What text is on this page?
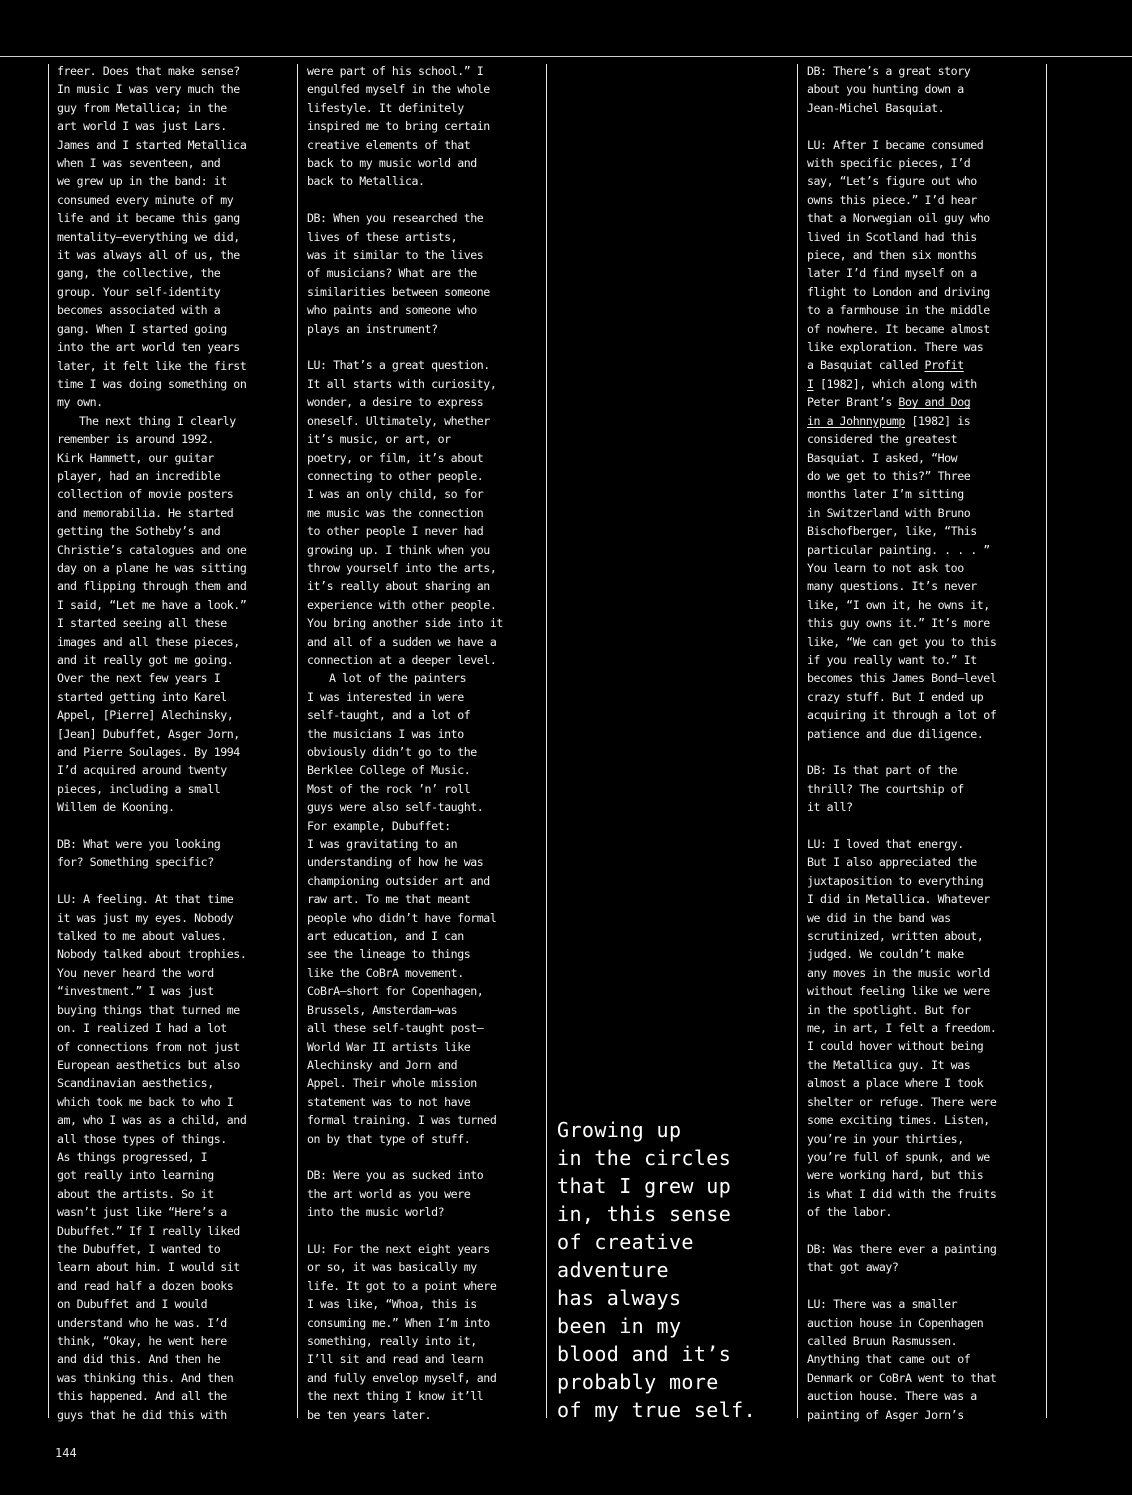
freer. Does that make sense?
In music I was very much the
guy from Metallica; in the
art world I was just Lars.
James and I started Metallica
when I was seventeen, and
we grew up in the band: it
consumed every minute of my
life and it became this gang
mentality—everything we did,
it was always all of us, the
gang, the collective, the
group. Your self-identity
becomes associated with a
gang. When I started going
into the art world ten years
later, it felt like the first
time I was doing something on
my own.

The next thing I clearly
remember is around 1992.
Kirk Hammett, our guitar
player, had an incredible
collection of movie posters
and memorabilia. He started
getting the Sotheby’s and
Christie’s catalogues and one
day on a plane he was sitting
and flipping through them and
I said, “Let me have a look.”
I started seeing all these
images and all these pieces,
and it really got me going.
Over the next few years I
started getting into Karel
Appel, [Pierre] Alechinsky,
[Jean] Dubuffet, Asger Jorn,
and Pierre Soulages. By 1994
I’d acquired around twenty
pieces, including a small
Willem de Kooning.

DB: What were you looking
for? Something specific?

LU: A feeling. At that time
it was just my eyes. Nobody
talked to me about values.
Nobody talked about trophies.
You never heard the word
“investment.” I was just
buying things that turned me
on. I realized I had a lot
of connections from not just
European aesthetics but also
Scandinavian aesthetics,
which took me back to who I
am, who I was as a child, and
all those types of things.
As things progressed, I
got really into learning
about the artists. So it
wasn’t just like “Here’s a
Dubuffet.” If I really liked
the Dubuffet, I wanted to
learn about him. I would sit
and read half a dozen books
on Dubuffet and I would
understand who he was. I’d
think, “Okay, he went here
and did this. And then he
was thinking this. And then
this happened. And all the
guys that he did this with

were part of his school.” I
engulfed myself in the whole
lifestyle. It definitely
inspired me to bring certain
creative elements of that
back to my music world and
back to Metallica.

DB: When you researched the
lives of these artists,
was it similar to the lives
of musicians? What are the
similarities between someone
who paints and someone who
plays an instrument?

LU: That’s a great question.
It all starts with curiosity,
wonder, a desire to express
oneself. Ultimately, whether
it’s music, or art, or
poetry, or film, it’s about
connecting to other people.
I was an only child, so for
me music was the connection
to other people I never had
growing up. I think when you
throw yourself into the arts,
it’s really about sharing an
experience with other people.
You bring another side into it
and all of a sudden we have a
connection at a deeper level.

A lot of the painters
I was interested in were
self-taught, and a lot of
the musicians I was into
obviously didn’t go to the
Berklee College of Music.
Most of the rock ’n’ roll
guys were also self-taught.
For example, Dubuffet:
I was gravitating to an
understanding of how he was
championing outsider art and
raw art. To me that meant
people who didn’t have formal
art education, and I can
see the lineage to things
like the CoBrA movement.
CoBrA—short for Copenhagen,
Brussels, Amsterdam—was
all these self-taught post–
World War II artists like
Alechinsky and Jorn and
Appel. Their whole mission
statement was to not have
formal training. I was turned
on by that type of stuff.

DB: Were you as sucked into
the art world as you were
into the music world?

LU: For the next eight years
or so, it was basically my
life. It got to a point where
I was like, “Whoa, this is
consuming me.” When I’m into
something, really into it,
I’ll sit and read and learn
and fully envelop myself, and
the next thing I know it’ll
be ten years later.

Growing up
in the circles
that I grew up
in, this sense
of creative
adventure
has always
been in my
blood and it’s
probably more
of my true self.

DB: There’s a great story
about you hunting down a
Jean-Michel Basquiat.

LU: After I became consumed
with specific pieces, I’d
say, “Let’s figure out who
owns this piece.” I’d hear
that a Norwegian oil guy who
lived in Scotland had this
piece, and then six months
later I’d find myself on a
flight to London and driving
to a farmhouse in the middle
of nowhere. It became almost
like exploration. There was
a Basquiat called Profit
I [1982], which along with
Peter Brant’s Boy and Dog
in a Johnnypump [1982] is
considered the greatest
Basquiat. I asked, “How
do we get to this?” Three
months later I’m sitting
in Switzerland with Bruno
Bischofberger, like, “This
particular painting. . . . ”
You learn to not ask too
many questions. It’s never
like, “I own it, he owns it,
this guy owns it.” It’s more
like, “We can get you to this
if you really want to.” It
becomes this James Bond–level
crazy stuff. But I ended up
acquiring it through a lot of
patience and due diligence.

DB: Is that part of the
thrill? The courtship of
it all?

LU: I loved that energy.
But I also appreciated the
juxtaposition to everything
I did in Metallica. Whatever
we did in the band was
scrutinized, written about,
judged. We couldn’t make
any moves in the music world
without feeling like we were
in the spotlight. But for
me, in art, I felt a freedom.
I could hover without being
the Metallica guy. It was
almost a place where I took
shelter or refuge. There were
some exciting times. Listen,
you’re in your thirties,
you’re full of spunk, and we
were working hard, but this
is what I did with the fruits
of the labor.

DB: Was there ever a painting
that got away?

LU: There was a smaller
auction house in Copenhagen
called Bruun Rasmussen.
Anything that came out of
Denmark or CoBrA went to that
auction house. There was a
painting of Asger Jorn’s

144
